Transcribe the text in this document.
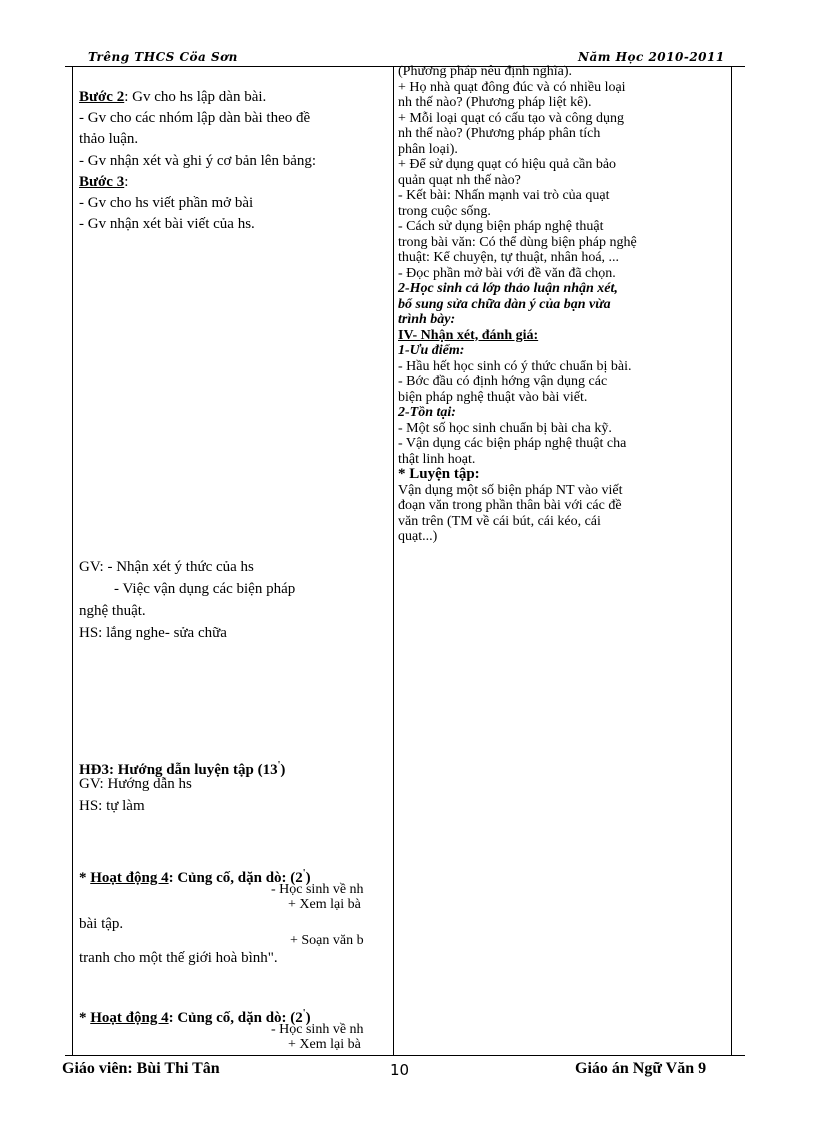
Trêng THCS Cöa Sơn	Năm Học 2010-2011
Bước 2: Gv cho hs lập dàn bài.
- Gv cho các nhóm lập dàn bài theo đề
thảo luận.
- Gv nhận xét và ghi ý cơ bản lên bảng:
Bước 3:
- Gv cho hs viết phần mở bài
- Gv nhận xét bài viết của hs.
GV: - Nhận xét ý thức của hs
- Việc vận dụng các biện pháp
nghệ thuật.
HS: lắng nghe- sửa chữa
HĐ3: Hướng dẫn luyện tập (13')
GV: Hướng dẫn hs
HS: tự làm
* Hoạt động 4: Củng cố, dặn dò: (2')
- Học sinh về nh
+ Xem lại bà
+ Soạn văn b
bài tập.
tranh cho một thế giới hoà bình".
* Hoạt động 4: Củng cố, dặn dò: (2')
- Học sinh về nh
+ Xem lại bà
(Phương pháp nêu định nghĩa).
+ Họ nhà quạt đông đúc và có nhiều loại
nh thế nào? (Phương pháp liệt kê).
+ Mỗi loại quạt có cấu tạo và công dụng
nh thế nào? (Phương pháp phân tích
phân loại).
+ Để sử dụng quạt có hiệu quả cần bảo
quản quạt nh thế nào?
- Kết bài: Nhấn mạnh vai trò của quạt
trong cuộc sống.
- Cách sử dụng biện pháp nghệ thuật
trong bài văn: Có thể dùng biện pháp nghệ
thuật: Kể chuyện, tự thuật, nhân hoá, ...
- Đọc phần mở bài với đề văn đã chọn.
2-Học sinh cả lớp thảo luận nhận xét,
bổ sung sửa chữa dàn ý của bạn vừa
trình bày:
IV- Nhận xét, đánh giá:
1-Ưu điểm:
- Hầu hết học sinh có ý thức chuẩn bị bài.
- Bớc đầu có định hớng vận dụng các
biện pháp nghệ thuật vào bài viết.
2-Tồn tại:
- Một số học sinh chuẩn bị bài cha kỹ.
- Vận dụng các biện pháp nghệ thuật cha
thật linh hoạt.
* Luyện tập:
Vận dụng một số biện pháp NT vào viết
đoạn văn trong phần thân bài với các đề
văn trên (TM về cái bút, cái kéo, cái
quạt...)
Giáo viên: Bùi Thi Tân	10	Giáo án Ngữ Văn 9
